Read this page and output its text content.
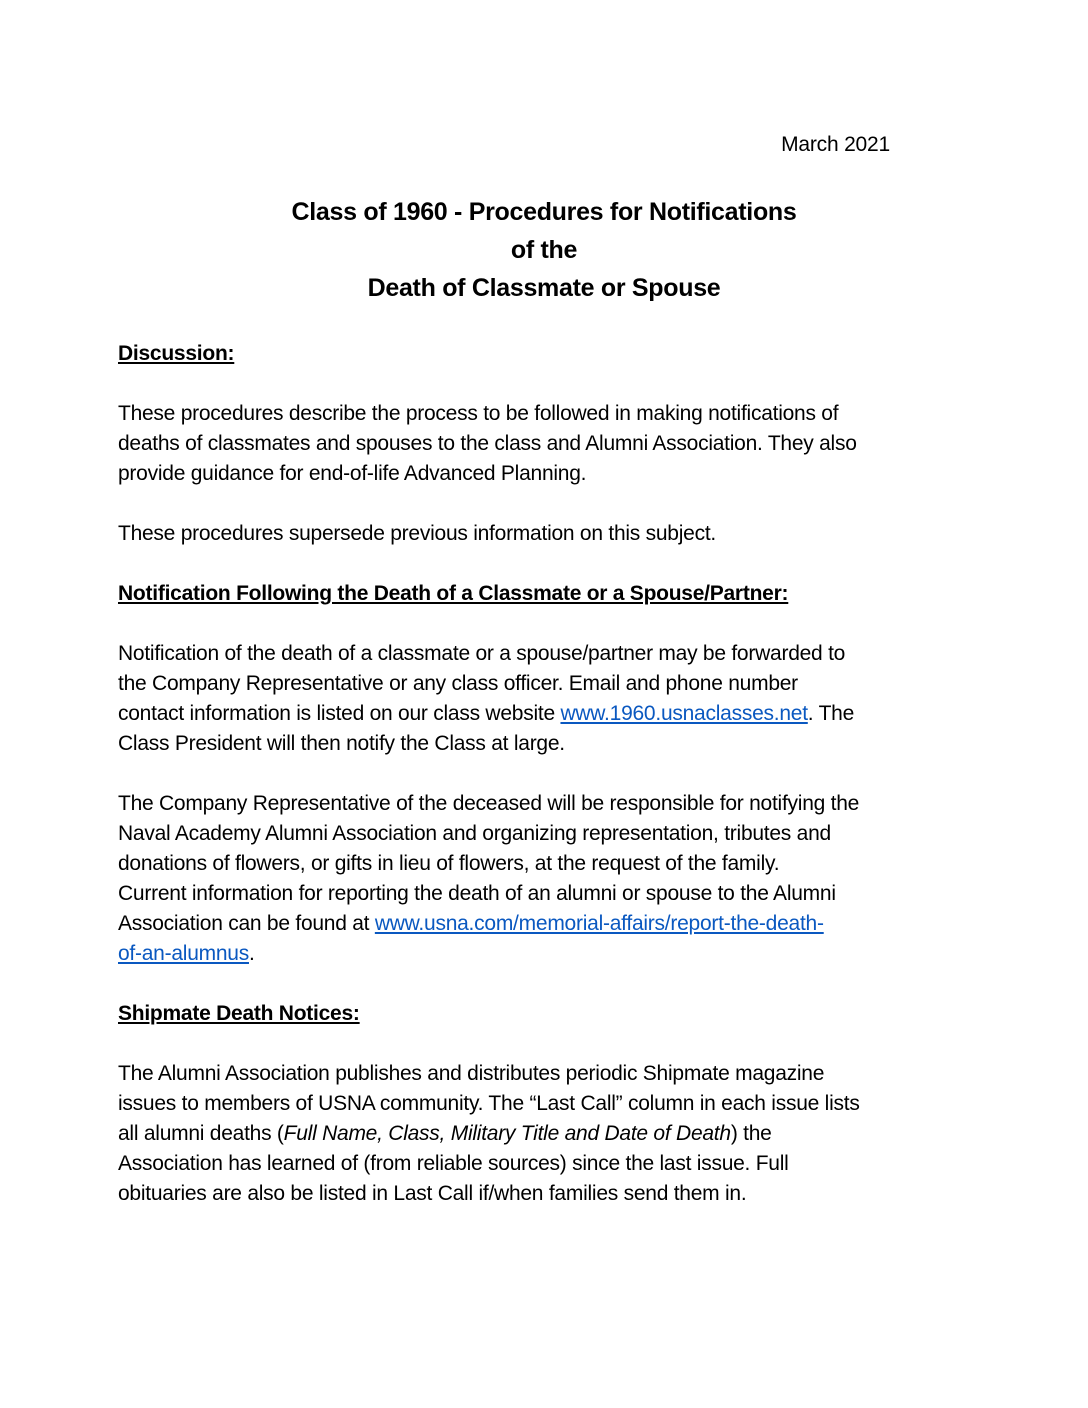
March 2021
Class of 1960 - Procedures for Notifications
of the
Death of Classmate or Spouse
Discussion:
These procedures describe the process to be followed in making notifications of
deaths of classmates and spouses to the class and Alumni Association. They also
provide guidance for end-of-life Advanced Planning.
These procedures supersede previous information on this subject.
Notification Following the Death of a Classmate or a Spouse/Partner:
Notification of the death of a classmate or a spouse/partner may be forwarded to
the Company Representative or any class officer. Email and phone number
contact information is listed on our class website www.1960.usnaclasses.net. The
Class President will then notify the Class at large.
The Company Representative of the deceased will be responsible for notifying the
Naval Academy Alumni Association and organizing representation, tributes and
donations of flowers, or gifts in lieu of flowers, at the request of the family.
Current information for reporting the death of an alumni or spouse to the Alumni
Association can be found at www.usna.com/memorial-affairs/report-the-death-
of-an-alumnus.
Shipmate Death Notices:
The Alumni Association publishes and distributes periodic Shipmate magazine
issues to members of USNA community. The “Last Call” column in each issue lists
all alumni deaths (Full Name, Class, Military Title and Date of Death) the
Association has learned of (from reliable sources) since the last issue. Full
obituaries are also be listed in Last Call if/when families send them in.
